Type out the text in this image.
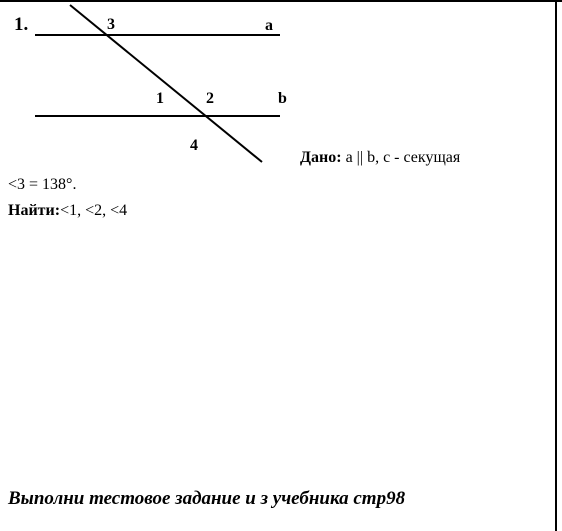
1.	3	a
1	2	b
4
Дано: a || b, c - секущая
<3 = 138°.
Найти:<1, <2, <4
Выполни тестовое задание и з учебника стр98
